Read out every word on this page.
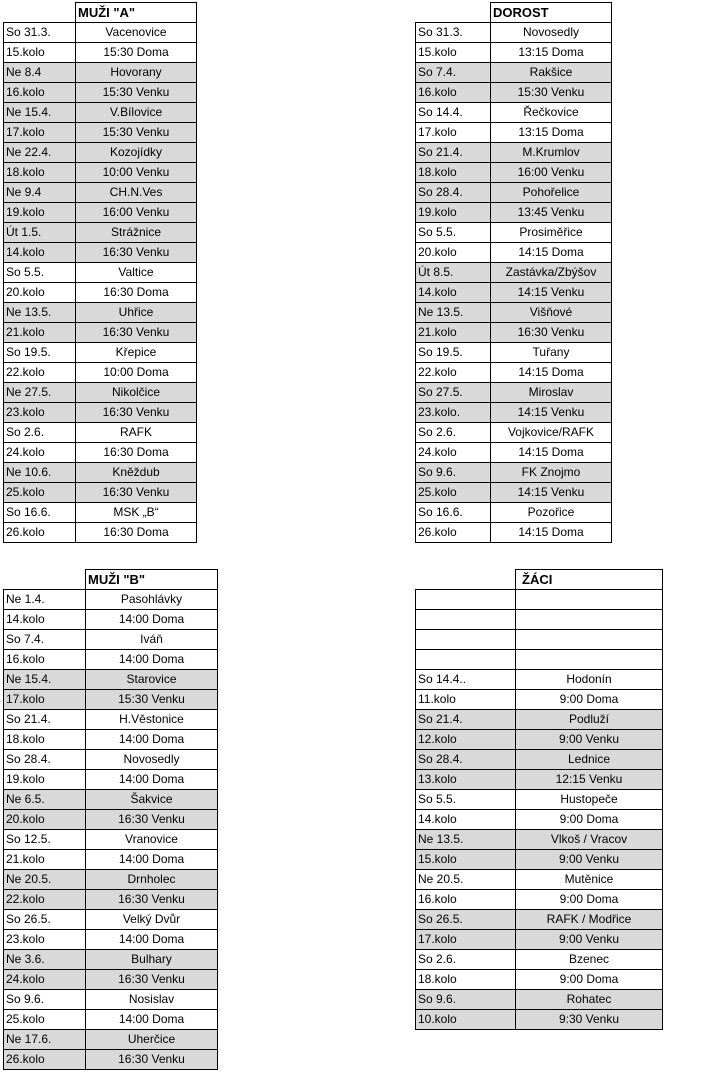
	MUŽI "A"
So 31.3.	Vacenovice
15.kolo	15:30 Doma
Ne 8.4	Hovorany
16.kolo	15:30 Venku
Ne 15.4.	V.Bílovice
17.kolo	15:30 Venku
Ne 22.4.	Kozojídky
18.kolo	10:00 Venku
Ne 9.4	CH.N.Ves
19.kolo	16:00 Venku
Út 1.5.	Strážnice
14.kolo	16:30 Venku
So 5.5.	Valtice
20.kolo	16:30 Doma
Ne 13.5.	Uhřice
21.kolo	16:30 Venku
So 19.5.	Křepice
22.kolo	10:00 Doma
Ne 27.5.	Nikolčice
23.kolo	16:30 Venku
So 2.6.	RAFK
24.kolo	16:30 Doma
Ne 10.6.	Kněždub
25.kolo	16:30 Venku
So 16.6.	MSK „B“
26.kolo	16:30 Doma
	DOROST
So 31.3.	Novosedly
15.kolo	13:15 Doma
So 7.4.	Rakšice
16.kolo	15:30 Venku
So 14.4.	Řečkovice
17.kolo	13:15 Doma
So 21.4.	M.Krumlov
18.kolo	16:00 Venku
So 28.4.	Pohořelice
19.kolo	13:45 Venku
So 5.5.	Prosiměřice
20.kolo	14:15 Doma
Út 8.5.	Zastávka/Zbýšov
14.kolo	14:15 Venku
Ne 13.5.	Višňové
21.kolo	16:30 Venku
So 19.5.	Tuřany
22.kolo	14:15 Doma
So 27.5.	Miroslav
23.kolo.	14:15 Venku
So 2.6.	Vojkovice/RAFK
24.kolo	14:15 Doma
So 9.6.	FK Znojmo
25.kolo	14:15 Venku
So 16.6.	Pozořice
26.kolo	14:15 Doma
	MUŽI "B"
Ne 1.4.	Pasohlávky
14.kolo	14:00 Doma
So 7.4.	Iváň
16.kolo	14:00 Doma
Ne 15.4.	Starovice
17.kolo	15:30 Venku
So 21.4.	H.Věstonice
18.kolo	14:00 Doma
So 28.4.	Novosedly
19.kolo	14:00 Doma
Ne 6.5.	Šakvice
20.kolo	16:30 Venku
So 12.5.	Vranovice
21.kolo	14:00 Doma
Ne 20.5.	Drnholec
22.kolo	16:30 Venku
So 26.5.	Velký Dvůr
23.kolo	14:00 Doma
Ne 3.6.	Bulhary
24.kolo	16:30 Venku
So 9.6.	Nosislav
25.kolo	14:00 Doma
Ne 17.6.	Uherčice
26.kolo	16:30 Venku
	ŽÁCI

So 14.4..	Hodonín
11.kolo	9:00 Doma
So 21.4.	Podluží
12.kolo	9:00 Venku
So 28.4.	Lednice
13.kolo	12:15 Venku
So 5.5.	Hustopeče
14.kolo	9:00 Doma
Ne 13.5.	Vlkoš / Vracov
15.kolo	9:00 Venku
Ne 20.5.	Mutěnice
16.kolo	9:00 Doma
So 26.5.	RAFK / Modřice
17.kolo	9:00 Venku
So 2.6.	Bzenec
18.kolo	9:00 Doma
So 9.6.	Rohatec
10.kolo	9:30 Venku
